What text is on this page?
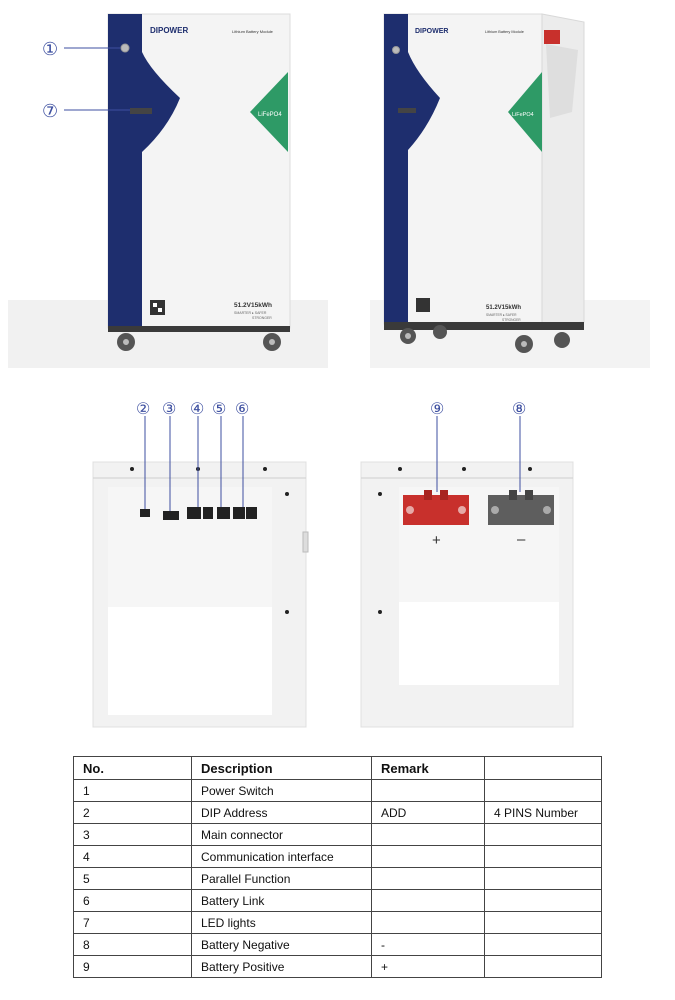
LiFePO4
DIPOWER	Lithium Battery Module
51.2V15kWh
SMARTER ▸ SAFER
STRONGER
①
⑦	LiFePO4
DIPOWER	Lithium Battery Module
51.2V15kWh
SMARTER ▸ SAFER
STRONGER
② ③ ④ ⑤ ⑥	⑨	⑧
+	–
No.	Description	Remark	
1	Power Switch		
2	DIP Address	ADD	4 PINS Number
3	Main connector		
4	Communication interface		
5	Parallel Function		
6	Battery Link		
7	LED lights		
8	Battery Negative	-	
9	Battery Positive	+	
